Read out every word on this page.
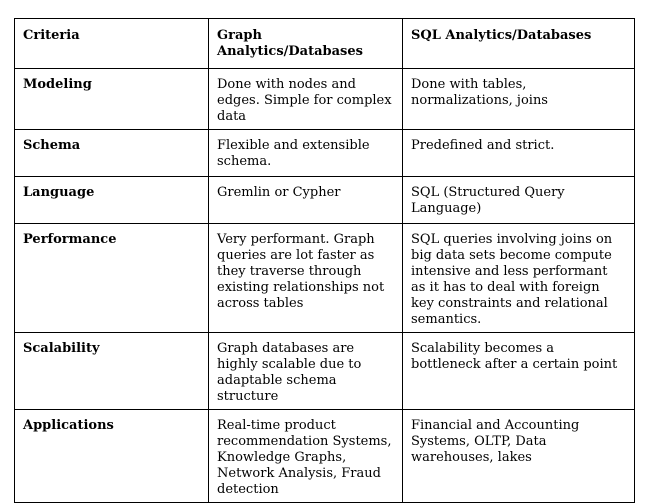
Criteria	Graph Analytics/Databases	SQL Analytics/Databases
Modeling	Done with nodes and edges. Simple for complex data	Done with tables, normalizations, joins
Schema	Flexible and extensible schema.	Predefined and strict.
Language	Gremlin or Cypher	SQL (Structured Query Language)
Performance	Very performant. Graph queries are lot faster as they traverse through existing relationships not across tables	SQL queries involving joins on big data sets become compute intensive and less performant as it has to deal with foreign key constraints and relational semantics.
Scalability	Graph databases are highly scalable due to adaptable schema structure	Scalability becomes a bottleneck after a certain point
Applications	Real-time product recommendation Systems, Knowledge Graphs, Network Analysis, Fraud detection	Financial and Accounting Systems, OLTP, Data warehouses, lakes
